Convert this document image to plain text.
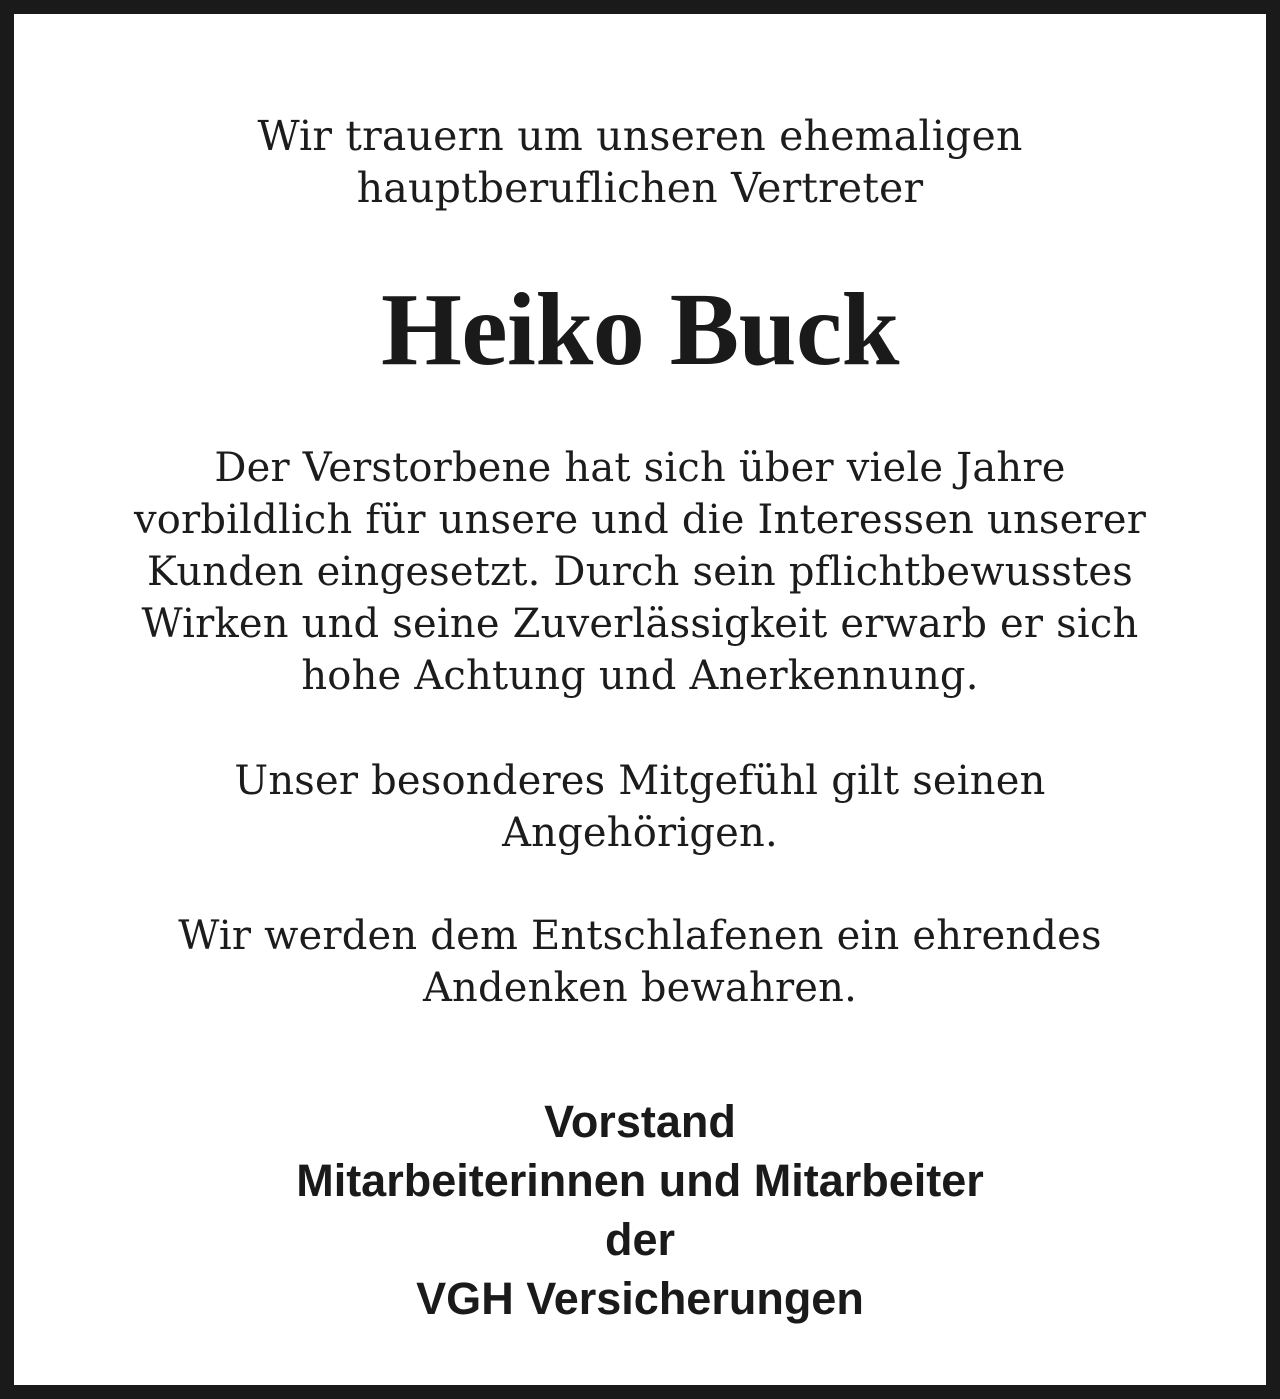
Wir trauern um unseren ehemaligen
hauptberuflichen Vertreter

Heiko Buck

Der Verstorbene hat sich über viele Jahre
vorbildlich für unsere und die Interessen unserer
Kunden eingesetzt. Durch sein pflichtbewusstes
Wirken und seine Zuverlässigkeit erwarb er sich
hohe Achtung und Anerkennung.

Unser besonderes Mitgefühl gilt seinen
Angehörigen.

Wir werden dem Entschlafenen ein ehrendes
Andenken bewahren.

Vorstand
Mitarbeiterinnen und Mitarbeiter
der
VGH Versicherungen
